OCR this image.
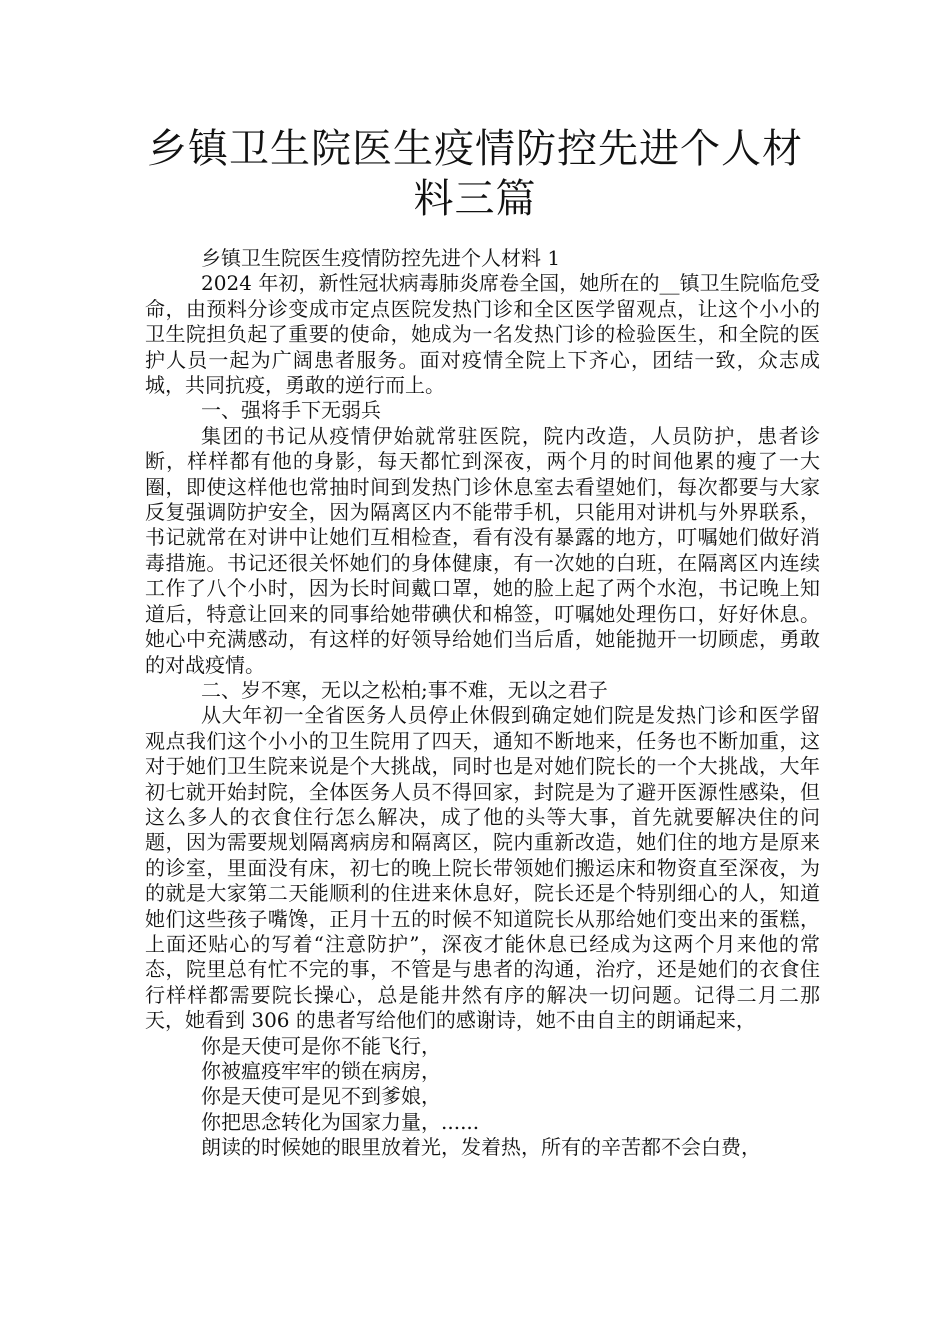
乡镇卫生院医生疫情防控先进个人材料三篇

乡镇卫生院医生疫情防控先进个人材料 1

2024 年初，新性冠状病毒肺炎席卷全国，她所在的__镇卫生院临危受命，由预料分诊变成市定点医院发热门诊和全区医学留观点，让这个小小的卫生院担负起了重要的使命，她成为一名发热门诊的检验医生，和全院的医护人员一起为广阔患者服务。面对疫情全院上下齐心，团结一致，众志成城，共同抗疫，勇敢的逆行而上。

一、强将手下无弱兵

集团的书记从疫情伊始就常驻医院，院内改造，人员防护，患者诊断，样样都有他的身影，每天都忙到深夜，两个月的时间他累的瘦了一大圈，即使这样他也常抽时间到发热门诊休息室去看望她们，每次都要与大家反复强调防护安全，因为隔离区内不能带手机，只能用对讲机与外界联系，书记就常在对讲中让她们互相检查，看有没有暴露的地方，叮嘱她们做好消毒措施。书记还很关怀她们的身体健康，有一次她的白班，在隔离区内连续工作了八个小时，因为长时间戴口罩，她的脸上起了两个水泡，书记晚上知道后，特意让回来的同事给她带碘伏和棉签，叮嘱她处理伤口，好好休息。她心中充满感动，有这样的好领导给她们当后盾，她能抛开一切顾虑，勇敢的对战疫情。

二、岁不寒，无以之松柏;事不难，无以之君子

从大年初一全省医务人员停止休假到确定她们院是发热门诊和医学留观点我们这个小小的卫生院用了四天，通知不断地来，任务也不断加重，这对于她们卫生院来说是个大挑战，同时也是对她们院长的一个大挑战，大年初七就开始封院，全体医务人员不得回家，封院是为了避开医源性感染，但这么多人的衣食住行怎么解决，成了他的头等大事，首先就要解决住的问题，因为需要规划隔离病房和隔离区，院内重新改造，她们住的地方是原来的诊室，里面没有床，初七的晚上院长带领她们搬运床和物资直至深夜，为的就是大家第二天能顺利的住进来休息好，院长还是个特别细心的人，知道她们这些孩子嘴馋，正月十五的时候不知道院长从那给她们变出来的蛋糕，上面还贴心的写着“注意防护”，深夜才能休息已经成为这两个月来他的常态，院里总有忙不完的事，不管是与患者的沟通，治疗，还是她们的衣食住行样样都需要院长操心，总是能井然有序的解决一切问题。记得二月二那天，她看到 306 的患者写给他们的感谢诗，她不由自主的朗诵起来，

你是天使可是你不能飞行，

你被瘟疫牢牢的锁在病房，

你是天使可是见不到爹娘，

你把思念转化为国家力量，......

朗读的时候她的眼里放着光，发着热，所有的辛苦都不会白费，
